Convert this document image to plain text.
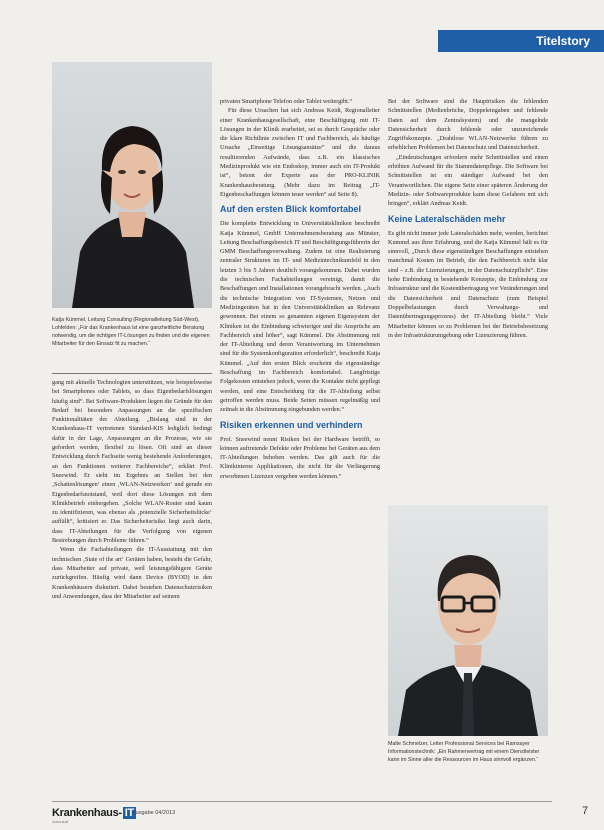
Titelstory
Katja Kümmel, Leitung Consulting (Regionalleitung Süd-West), Lohfelden: „Für das Krankenhaus ist eine ganzheitliche Beratung notwendig, um die richtigen IT-Lösungen zu finden und die eigenen Mitarbeiter für den Einsatz fit zu machen.“

gang mit aktuelle Technologien unterstützen, wie beispielsweise bei Smartphones oder Tablets, so dass Eigenbedarfslösungen häufig sind“. Bei Software-Produkten liegen die Gründe für den Bedarf bei besonders Anpassungen an die spezifischen Funktionalitäten der Abteilung. „Bislang sind in der Krankenhaus-IT vertretenen Standard-KIS lediglich bedingt dafür in der Lage, Anpassungen an die Prozesse, wie sie gefordert werden, flexibel zu lösen. Oft sind an dieser Entwicklung durch Fachseite wenig bestehende Anforderungen, an den Funktionen weiterer Fachbereiche“, erklärt Prof. Sneewind. Er sieht im Ergebnis an Stellen bei den ‚Schattenlösungen‘ einen ‚WLAN-Netzwerken‘ und gerade ein Eigenbedarfsnotstand, weil dort diese Lösungen mit dem Klinikbetrieb einhergehen. „Solche WLAN-Router sind kaum zu identifizieren, was ebenso als ‚potenzielle Sicherheitslücke‘ auffällt“, kritisiert er. Das Sicherheitsrisiko liegt auch darin, dass IT-Abteilungen für die Verfolgung von eigenen Bestrebungen durch Probleme führen.“

Wenn die Fachabteilungen die IT-Ausstattung mit den technischen ‚State of the art‘ Geräten haben, besteht die Gefahr, dass Mitarbeiter auf private, weil leistungsfähigere Geräte zurückgreifen. Häufig wird dann Device (BYOD) in den Krankenhäusern diskutiert. Dabei bestehen Datenschutzrisiken und Anwendungen, dass der Mitarbeiter auf seinem

privaten Smartphone Telefon oder Tablet weitergibt.“

Für diese Ursachen hat sich Andreas Keidt, Regionalleiter einer Krankenhausgesellschaft, eine Beschäftigung mit IT-Lösungen in der Klinik erarbeitet, sei es durch Gespräche oder die klare Richtlinie zwischen IT und Fachbereich, als häufige Ursache „Einseitige Lösungsansätze“ und die daraus resultierenden Aufwände, dass z.B. ein klassisches Medizinprodukt wie ein Endoskop, immer auch ein IT-Produkt ist“, betont der Experte aus der PRO-KLINIK Krankenhausberatung. (Mehr dazu im Beitrag „IT-Eigenbeschaffungen können teuer werden“ auf Seite 8).

Auf den ersten Blick komfortabel

Die komplette Entwicklung in Universitätskliniken beschreibt Katja Kümmel, GmbH Unternehmensberatung aus Münster, Leitung Beschaffungsbereich IT und Beschäftigungsführerin der GMM Beschaffungsverwaltung. Zudem ist eine Realisierung zentraler Strukturen im IT- und Medizintechnikumfeld in den letzten 3 bis 5 Jahren deutlich vorangekommen. Dabei wurden die technischen Fachabteilungen vereinigt, damit die Beschaffungen und Installationen vorangebracht werden. „Auch die technische Integration von IT-Systemen, Netzen und Medizingeräten hat in den Universitätskliniken an Relevanz gewonnen. Bei einem so genannten eigenen Eigensystem der Kliniken ist die Einbindung schwieriger und die Ansprüche am Fachbereich sind höher“, sagt Kümmel. Die Abstimmung mit der IT-Abteilung und deren Verantwortung im Unternehmen sind für die Systemkonfiguration erforderlich“, beschreibt Katja Kümmel. „Auf den ersten Blick erscheint die eigenständige Beschaffung im Fachbereich komfortabel. Langfristige Folgekosten entstehen jedoch, wenn die Kontakte nicht gepflegt werden, und eine Entscheidung für die IT-Abteilung selbst getroffen werden muss. Beide Seiten müssen regelmäßig und zeitnah in die Abstimmung eingebunden werden.“

Risiken erkennen und verhindern

Prof. Sneewind nennt Risiken bei der Hardware betrifft, so können auftretende Defekte oder Probleme bei Geräten aus dem IT-Abteilungen behoben werden. Das gilt auch für die Klinikinterne Applikationen, die nicht für die Verlängerung erworbenen Lizenzen vergeben werden können.“

Bei der Software sind die Hauptrisiken die fehlenden Schnittstellen (Medienbrüche, Doppeleingaben und fehlende Daten auf dem Zentralsystem) und die mangelnde Datensicherheit durch fehlende oder unzureichende Zugriffskonzepte. „Drahtlose WLAN-Netzwerke führen zu erheblichen Problemen bei Datenschutz und Datensicherheit.

„Eindeutschungen erfordern mehr Schnittstellen und einen erhöhten Aufwand für die Stammdatenpflege. Die Software bei Schnittstellen ist ein ständiger Aufwand bei den Verantwortlichen. Die eigene Seite einer späteren Änderung der Medizin- oder Softwareprodukte kann diese Gefahren mit sich bringen“, erklärt Andreas Keidt.

Keine Lateralschäden mehr

Es gibt nicht immer jede Lateralschäden mehr, werden, berichtet Kummel aus ihrer Erfahrung, und die Katja Kümmel hält es für sinnvoll, „Durch diese eigenständigen Beschaffungen entstehen manchmal Kosten im Betrieb, die den Fachbereich nicht klar sind – z.B. die Lizenzierungen, in der Datenschutzpflicht“. Eine hohe Einbindung in bestehende Konzepte, die Einbindung zur Infrastruktur und die Kostenübertragung vor Veränderungen und die Datensicherheit und Datenschutz (zum Beispiel Doppelbelastungen durch Verwaltungs- und Datenübertragungsprozess) der IT-Abteilung bleibt.“ Viele Mitarbeiter können so zu Problemen bei der Betriebsbesetzung in der Infrastrukturumgebung oder Lizenzierung führen.

Malte Schmelzer, Leiter Professional Services bei Ramsayer Informationstechnik: „Ein Rahmenvertrag mit einem Dienstleister kann im Sinne aller die Ressourcen im Haus sinnvoll ergänzen.“
Krankenhaus- IT
Journal
Ausgabe 04/2013	7
